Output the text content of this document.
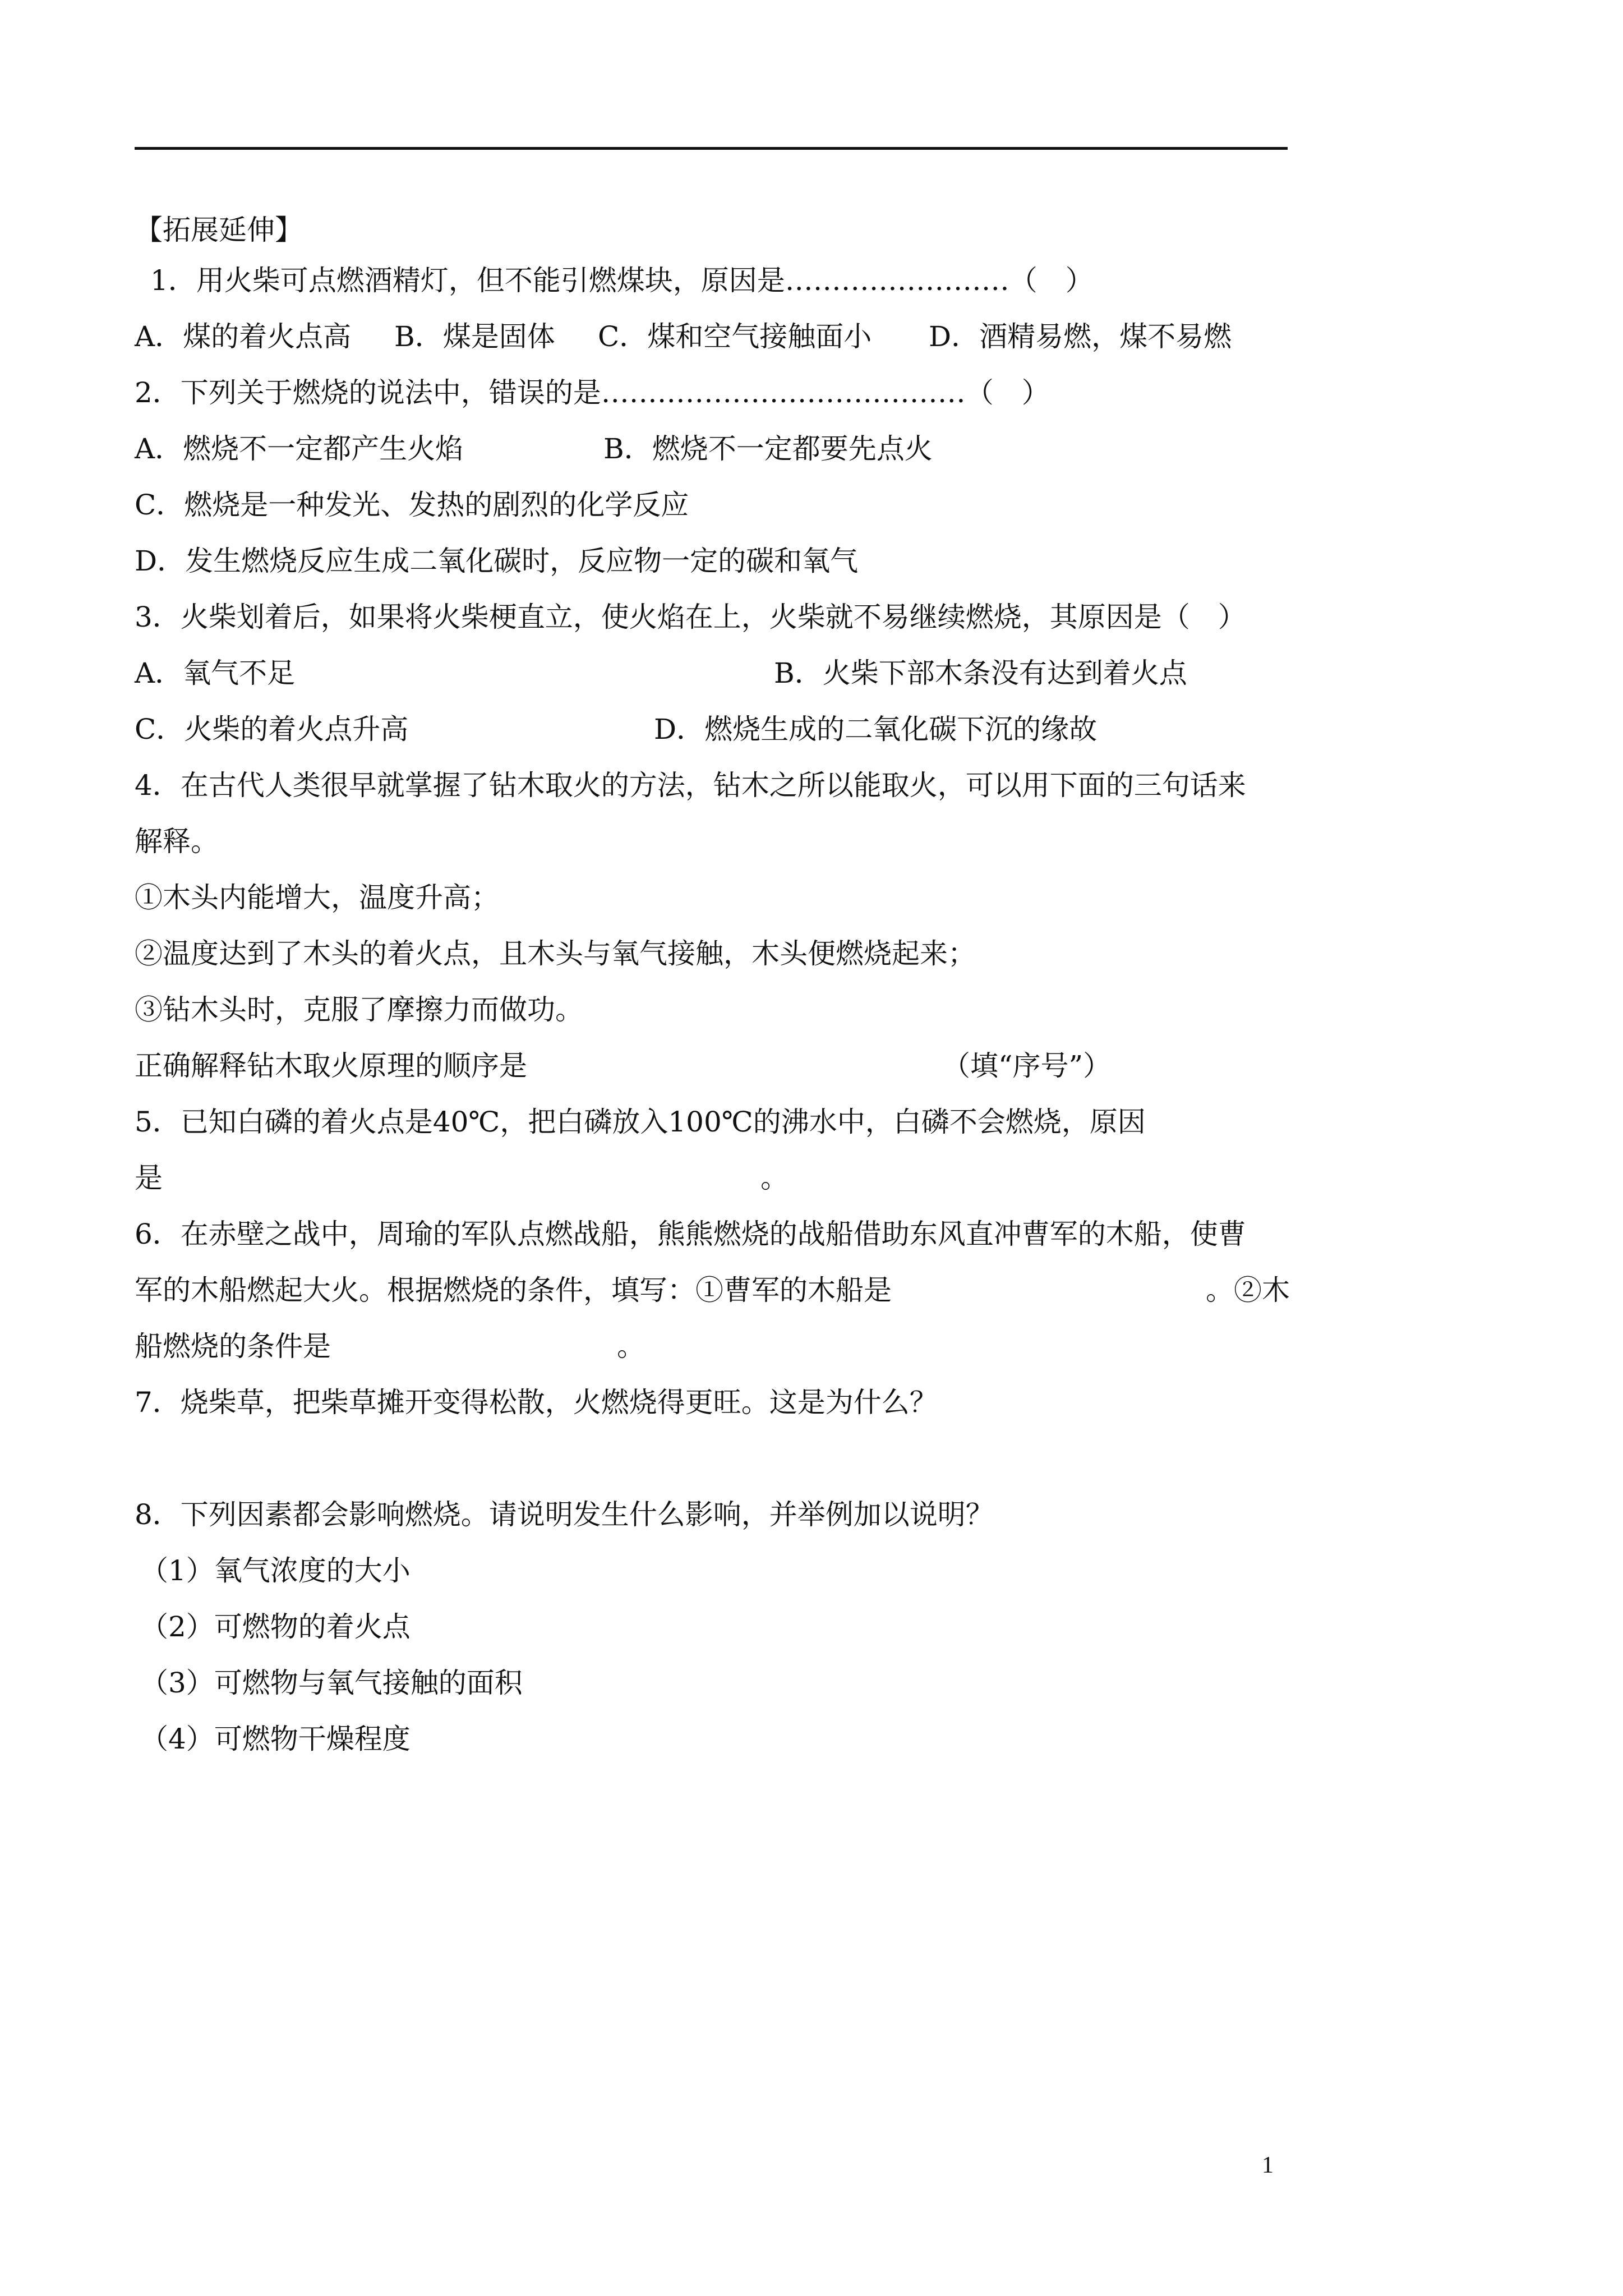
【拓展延伸】
1．用火柴可点燃酒精灯，但不能引燃煤块，原因是……………………（　）
A．煤的着火点高 B．煤是固体 C．煤和空气接触面小 D．酒精易燃，煤不易燃
2．下列关于燃烧的说法中，错误的是…………………………………（　）
A．燃烧不一定都产生火焰	B．燃烧不一定都要先点火
C．燃烧是一种发光、发热的剧烈的化学反应
D．发生燃烧反应生成二氧化碳时，反应物一定的碳和氧气
3．火柴划着后，如果将火柴梗直立，使火焰在上，火柴就不易继续燃烧，其原因是（　）
A．氧气不足	B．火柴下部木条没有达到着火点
C．火柴的着火点升高	D．燃烧生成的二氧化碳下沉的缘故
4．在古代人类很早就掌握了钻木取火的方法，钻木之所以能取火，可以用下面的三句话来
解释。
①木头内能增大，温度升高；
②温度达到了木头的着火点，且木头与氧气接触，木头便燃烧起来；
③钻木头时，克服了摩擦力而做功。
正确解释钻木取火原理的顺序是	（填“序号”）
5．已知白磷的着火点是40℃，把白磷放入100℃的沸水中，白磷不会燃烧，原因
是	。
6．在赤壁之战中，周瑜的军队点燃战船，熊熊燃烧的战船借助东风直冲曹军的木船，使曹
军的木船燃起大火。根据燃烧的条件，填写：①曹军的木船是	。②木
船燃烧的条件是	。
7．烧柴草，把柴草摊开变得松散，火燃烧得更旺。这是为什么？
8．下列因素都会影响燃烧。请说明发生什么影响，并举例加以说明？
（1）氧气浓度的大小
（2）可燃物的着火点
（3）可燃物与氧气接触的面积
（4）可燃物干燥程度
1
